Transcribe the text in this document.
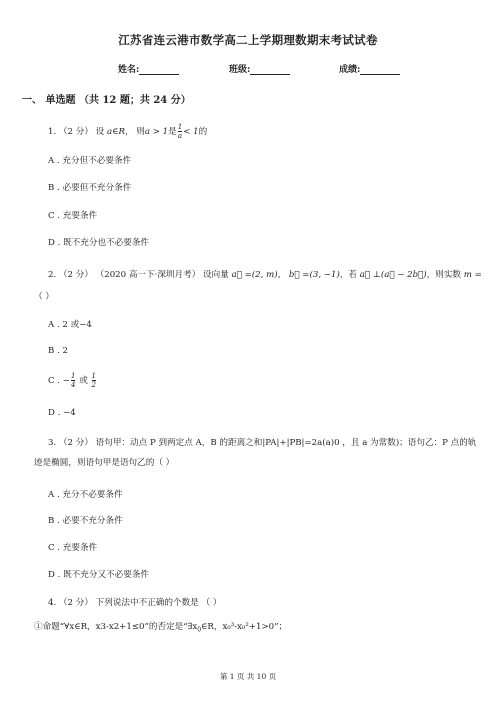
江苏省连云港市数学高二上学期理数期末考试试卷
姓名:	班级:	成绩:
一、 单选题 （共 12 题；共 24 分）
1. （2 分） 设 a∈R， 则a > 1是 $\frac{1}{a} < 1$的
A . 充分但不必要条件
B . 必要但不充分条件
C . 充要条件
D . 既不充分也不必要条件
2. （2 分） （2020 高一下·深圳月考） 设向量 a⃗ =(2, m)， b⃗ =(3, −1)，若 a⃗ ⊥(a⃗ − 2b⃗)，则实数 m =
（ ）
A . 2 或−4
B . 2
C . − $\frac{1}{4}$ 或 $\frac{1}{2}$
D . −4
3. （2 分） 语句甲：动点 P 到两定点 A，B 的距离之和|PA|+|PB|=2a(a)0 ，且 a 为常数)；语句乙：P 点的轨
迹是椭圆，则语句甲是语句乙的（ ）
A . 充分不必要条件
B . 必要不充分条件
C . 充要条件
D . 既不充分又不必要条件
4. （2 分） 下列说法中不正确的个数是 （ ）
①命题“∀x∈R，x3-x2+1≤0”的否定是“$\exists x_0\in R$，x₀³-x₀²+1>0”；
第 1 页 共 10 页
